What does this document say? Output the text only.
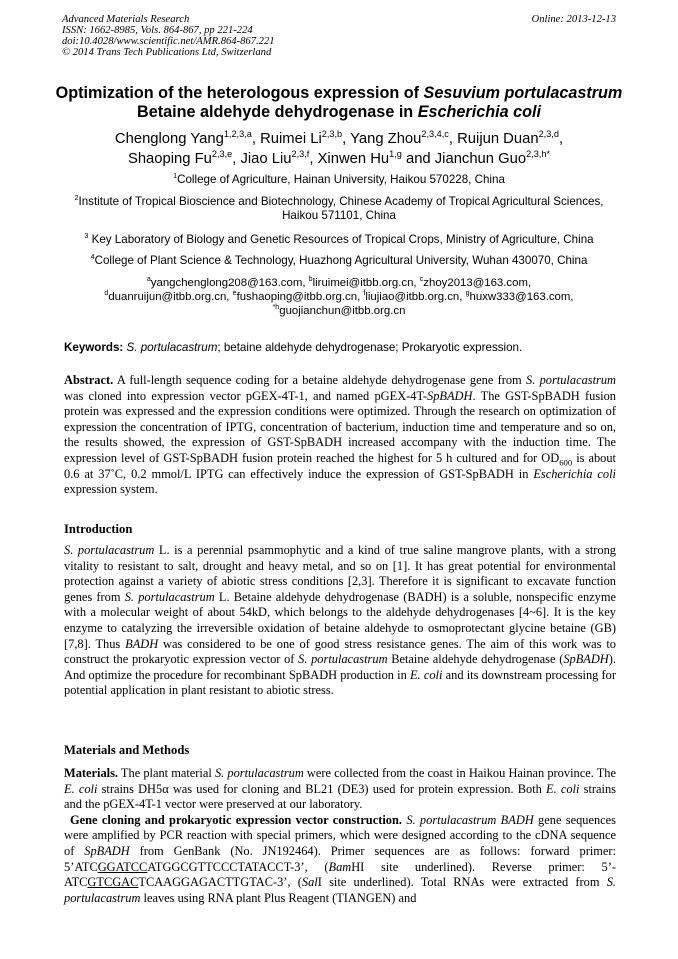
Advanced Materials Research
ISSN: 1662-8985, Vols. 864-867, pp 221-224
doi:10.4028/www.scientific.net/AMR.864-867.221
© 2014 Trans Tech Publications Ltd, Switzerland
Online: 2013-12-13
Optimization of the heterologous expression of Sesuvium portulacastrum Betaine aldehyde dehydrogenase in Escherichia coli
Chenglong Yang$^{1,2,3,a}$, Ruimei Li$^{2,3,b}$, Yang Zhou$^{2,3,4,c}$, Ruijun Duan$^{2,3,d}$,
Shaoping Fu$^{2,3,e}$, Jiao Liu$^{2,3,f}$, Xinwen Hu$^{1,g}$ and Jianchun Guo$^{2,3,h*}$
$^1$College of Agriculture, Hainan University, Haikou 570228, China
$^2$Institute of Tropical Bioscience and Biotechnology, Chinese Academy of Tropical Agricultural Sciences, Haikou 571101, China
$^3$ Key Laboratory of Biology and Genetic Resources of Tropical Crops, Ministry of Agriculture, China
$^4$College of Plant Science & Technology, Huazhong Agricultural University, Wuhan 430070, China
$^a$yangchenglong208@163.com, $^b$liruimei@itbb.org.cn, $^c$zhoy2013@163.com,
$^d$duanruijun@itbb.org.cn, $^e$fushaoping@itbb.org.cn, $^f$liujiao@itbb.org.cn, $^g$huxw333@163.com,
$^{*h}$guojianchun@itbb.org.cn
Keywords: S. portulacastrum; betaine aldehyde dehydrogenase; Prokaryotic expression.
Abstract. A full-length sequence coding for a betaine aldehyde dehydrogenase gene from S. portulacastrum was cloned into expression vector pGEX-4T-1, and named pGEX-4T-SpBADH. The GST-SpBADH fusion protein was expressed and the expression conditions were optimized. Through the research on optimization of expression the concentration of IPTG, concentration of bacterium, induction time and temperature and so on, the results showed, the expression of GST-SpBADH increased accompany with the induction time. The expression level of GST-SpBADH fusion protein reached the highest for 5 h cultured and for $OD_{600}$ is about 0.6 at 37˚C, 0.2 mmol/L IPTG can effectively induce the expression of GST-SpBADH in Escherichia coli expression system.
Introduction
S. portulacastrum L. is a perennial psammophytic and a kind of true saline mangrove plants, with a strong vitality to resistant to salt, drought and heavy metal, and so on [1]. It has great potential for environmental protection against a variety of abiotic stress conditions [2,3]. Therefore it is significant to excavate function genes from S. portulacastrum L. Betaine aldehyde dehydrogenase (BADH) is a soluble, nonspecific enzyme with a molecular weight of about 54kD, which belongs to the aldehyde dehydrogenases [4~6]. It is the key enzyme to catalyzing the irreversible oxidation of betaine aldehyde to osmoprotectant glycine betaine (GB) [7,8]. Thus BADH was considered to be one of good stress resistance genes. The aim of this work was to construct the prokaryotic expression vector of S. portulacastrum Betaine aldehyde dehydrogenase (SpBADH). And optimize the procedure for recombinant SpBADH production in E. coli and its downstream processing for potential application in plant resistant to abiotic stress.
Materials and Methods

Materials. The plant material S. portulacastrum were collected from the coast in Haikou Hainan province. The E. coli strains DH5α was used for cloning and BL21 (DE3) used for protein expression. Both E. coli strains and the pGEX-4T-1 vector were preserved at our laboratory.

Gene cloning and prokaryotic expression vector construction. S. portulacastrum BADH gene sequences were amplified by PCR reaction with special primers, which were designed according to the cDNA sequence of SpBADH from GenBank (No. JN192464). Primer sequences are as follows: forward primer: 5’ATCGGATCCATGGCGTTCCCTATACCT-3’, (BamHI site underlined). Reverse primer: 5’-ATCGTCGACTCAAGGAGACTTGTAC-3’, (SalI site underlined). Total RNAs were extracted from S. portulacastrum leaves using RNA plant Plus Reagent (TIANGEN) and
